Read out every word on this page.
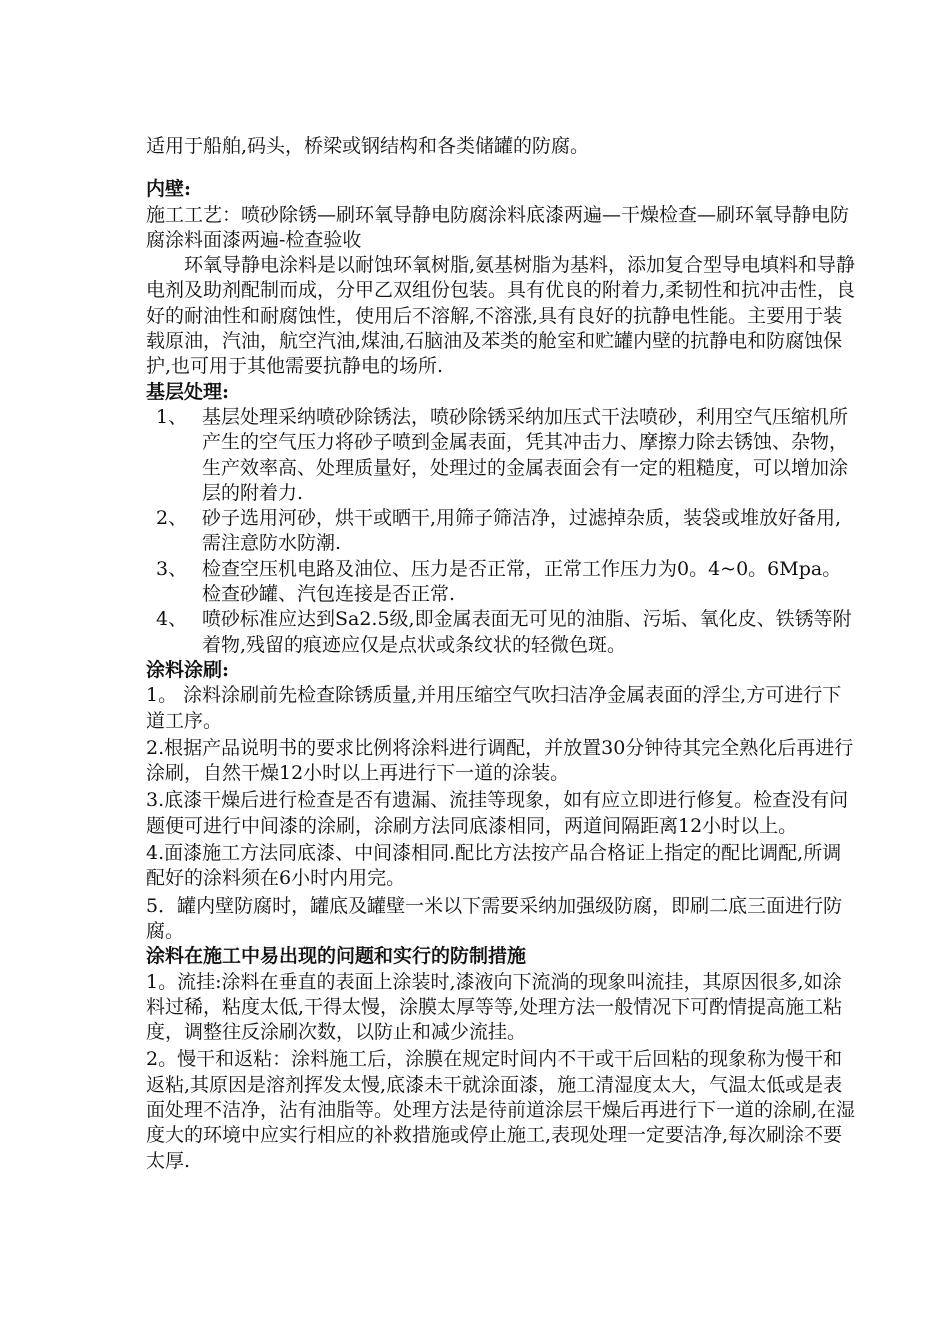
适用于船舶,码头，桥梁或钢结构和各类储罐的防腐。

内壁:

施工工艺：喷砂除锈—刷环氧导静电防腐涂料底漆两遍—干燥检查—刷环氧导静电防腐涂料面漆两遍-检查验收

环氧导静电涂料是以耐蚀环氧树脂,氨基树脂为基料，添加复合型导电填料和导静电剂及助剂配制而成，分甲乙双组份包装。具有优良的附着力,柔韧性和抗冲击性，良好的耐油性和耐腐蚀性，使用后不溶解,不溶涨,具有良好的抗静电性能。主要用于装载原油，汽油，航空汽油,煤油,石脑油及苯类的舱室和贮罐内壁的抗静电和防腐蚀保护,也可用于其他需要抗静电的场所.

基层处理:

1、 基层处理采纳喷砂除锈法，喷砂除锈采纳加压式干法喷砂，利用空气压缩机所产生的空气压力将砂子喷到金属表面，凭其冲击力、摩擦力除去锈蚀、杂物，生产效率高、处理质量好，处理过的金属表面会有一定的粗糙度，可以增加涂层的附着力.
2、 砂子选用河砂，烘干或晒干,用筛子筛洁净，过滤掉杂质，装袋或堆放好备用,需注意防水防潮.
3、 检查空压机电路及油位、压力是否正常，正常工作压力为0。4~0。6Mpa。检查砂罐、汽包连接是否正常.
4、 喷砂标准应达到Sa2.5级,即金属表面无可见的油脂、污垢、氧化皮、铁锈等附着物,残留的痕迹应仅是点状或条纹状的轻微色斑。

涂料涂刷:

1。 涂料涂刷前先检查除锈质量,并用压缩空气吹扫洁净金属表面的浮尘,方可进行下道工序。

2.根据产品说明书的要求比例将涂料进行调配，并放置30分钟待其完全熟化后再进行涂刷，自然干燥12小时以上再进行下一道的涂装。

3.底漆干燥后进行检查是否有遗漏、流挂等现象，如有应立即进行修复。检查没有问题便可进行中间漆的涂刷，涂刷方法同底漆相同，两道间隔距离12小时以上。

4.面漆施工方法同底漆、中间漆相同.配比方法按产品合格证上指定的配比调配,所调配好的涂料须在6小时内用完。

5．罐内壁防腐时，罐底及罐壁一米以下需要采纳加强级防腐，即刷二底三面进行防腐。

涂料在施工中易出现的问题和实行的防制措施

1。流挂:涂料在垂直的表面上涂装时,漆液向下流淌的现象叫流挂，其原因很多,如涂料过稀，粘度太低,干得太慢，涂膜太厚等等,处理方法一般情况下可酌情提高施工粘度，调整往反涂刷次数，以防止和减少流挂。

2。慢干和返粘：涂料施工后，涂膜在规定时间内不干或干后回粘的现象称为慢干和返粘,其原因是溶剂挥发太慢,底漆未干就涂面漆，施工清湿度太大，气温太低或是表面处理不洁净，沾有油脂等。处理方法是待前道涂层干燥后再进行下一道的涂刷,在湿度大的环境中应实行相应的补救措施或停止施工,表现处理一定要洁净,每次刷涂不要太厚.
